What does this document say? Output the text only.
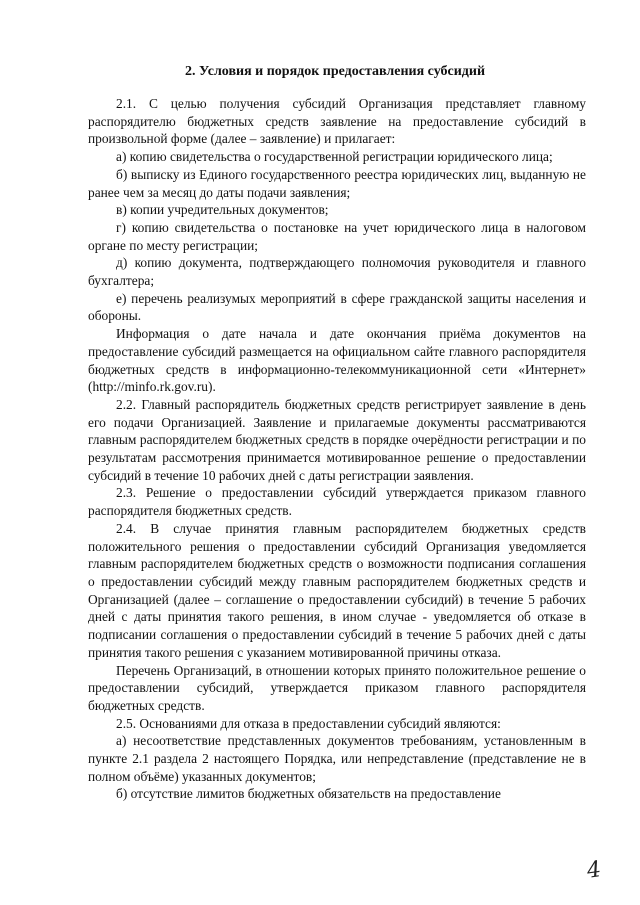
2. Условия и порядок предоставления субсидий

2.1. С целью получения субсидий Организация представляет главному распорядителю бюджетных средств заявление на предоставление субсидий в произвольной форме (далее – заявление) и прилагает:

а) копию свидетельства о государственной регистрации юридического лица;

б) выписку из Единого государственного реестра юридических лиц, выданную не ранее чем за месяц до даты подачи заявления;

в) копии учредительных документов;

г) копию свидетельства о постановке на учет юридического лица в налоговом органе по месту регистрации;

д) копию документа, подтверждающего полномочия руководителя и главного бухгалтера;

е) перечень реализумых мероприятий в сфере гражданской защиты населения и обороны.

Информация о дате начала и дате окончания приёма документов на предоставление субсидий размещается на официальном сайте главного распорядителя бюджетных средств в информационно-телекоммуникационной сети «Интернет» (http://minfo.rk.gov.ru).

2.2. Главный распорядитель бюджетных средств регистрирует заявление в день его подачи Организацией. Заявление и прилагаемые документы рассматриваются главным распорядителем бюджетных средств в порядке очерёдности регистрации и по результатам рассмотрения принимается мотивированное решение о предоставлении субсидий в течение 10 рабочих дней с даты регистрации заявления.

2.3. Решение о предоставлении субсидий утверждается приказом главного распорядителя бюджетных средств.

2.4. В случае принятия главным распорядителем бюджетных средств положительного решения о предоставлении субсидий Организация уведомляется главным распорядителем бюджетных средств о возможности подписания соглашения о предоставлении субсидий между главным распорядителем бюджетных средств и Организацией (далее – соглашение о предоставлении субсидий) в течение 5 рабочих дней с даты принятия такого решения, в ином случае - уведомляется об отказе в подписании соглашения о предоставлении субсидий в течение 5 рабочих дней с даты принятия такого решения с указанием мотивированной причины отказа.

Перечень Организаций, в отношении которых принято положительное решение о предоставлении субсидий, утверждается приказом главного распорядителя бюджетных средств.

2.5. Основаниями для отказа в предоставлении субсидий являются:

а) несоответствие представленных документов требованиям, установленным в пункте 2.1 раздела 2 настоящего Порядка, или непредставление (представление не в полном объёме) указанных документов;

б) отсутствие лимитов бюджетных обязательств на предоставление

4
